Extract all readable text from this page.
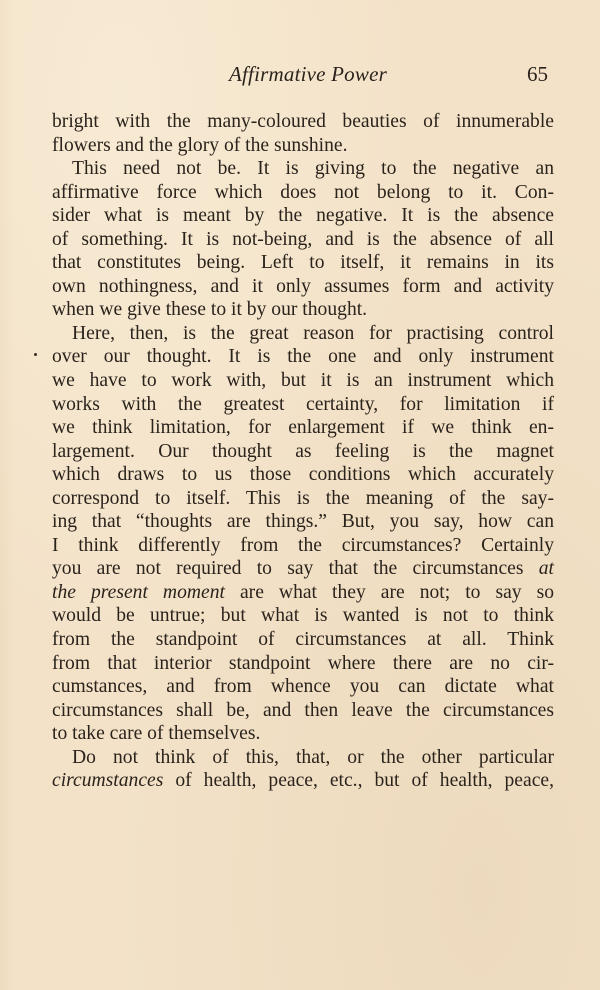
Affirmative Power	65
bright with the many-coloured beauties of innumerable
flowers and the glory of the sunshine.
This need not be. It is giving to the negative an
affirmative force which does not belong to it. Con-
sider what is meant by the negative. It is the absence
of something. It is not-being, and is the absence of all
that constitutes being. Left to itself, it remains in its
own nothingness, and it only assumes form and activity
when we give these to it by our thought.
Here, then, is the great reason for practising control
over our thought. It is the one and only instrument
we have to work with, but it is an instrument which
works with the greatest certainty, for limitation if
we think limitation, for enlargement if we think en-
largement. Our thought as feeling is the magnet
which draws to us those conditions which accurately
correspond to itself. This is the meaning of the say-
ing that “thoughts are things.” But, you say, how can
I think differently from the circumstances? Certainly
you are not required to say that the circumstances at
the present moment are what they are not; to say so
would be untrue; but what is wanted is not to think
from the standpoint of circumstances at all. Think
from that interior standpoint where there are no cir-
cumstances, and from whence you can dictate what
circumstances shall be, and then leave the circumstances
to take care of themselves.
Do not think of this, that, or the other particular
circumstances of health, peace, etc., but of health, peace,
